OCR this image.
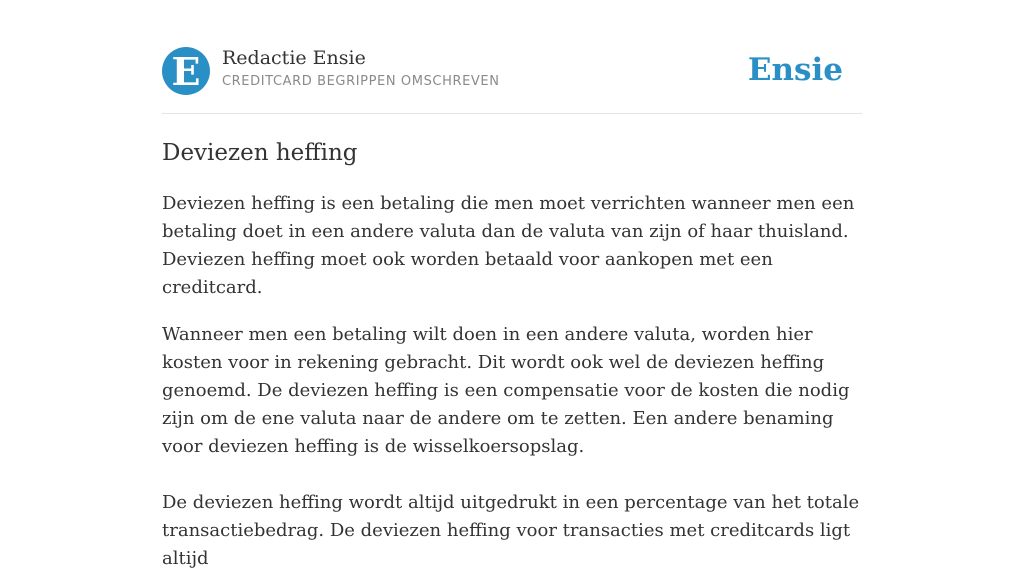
E Redactie Ensie
CREDITCARD BEGRIPPEN OMSCHREVEN	Ensie
Deviezen heffing

Deviezen heffing is een betaling die men moet verrichten wanneer men een betaling doet in een andere valuta dan de valuta van zijn of haar thuisland. Deviezen heffing moet ook worden betaald voor aankopen met een creditcard.

Wanneer men een betaling wilt doen in een andere valuta, worden hier kosten voor in rekening gebracht. Dit wordt ook wel de deviezen heffing genoemd. De deviezen heffing is een compensatie voor de kosten die nodig zijn om de ene valuta naar de andere om te zetten. Een andere benaming voor deviezen heffing is de wisselkoersopslag.

De deviezen heffing wordt altijd uitgedrukt in een percentage van het totale transactiebedrag. De deviezen heffing voor transacties met creditcards ligt altijd
